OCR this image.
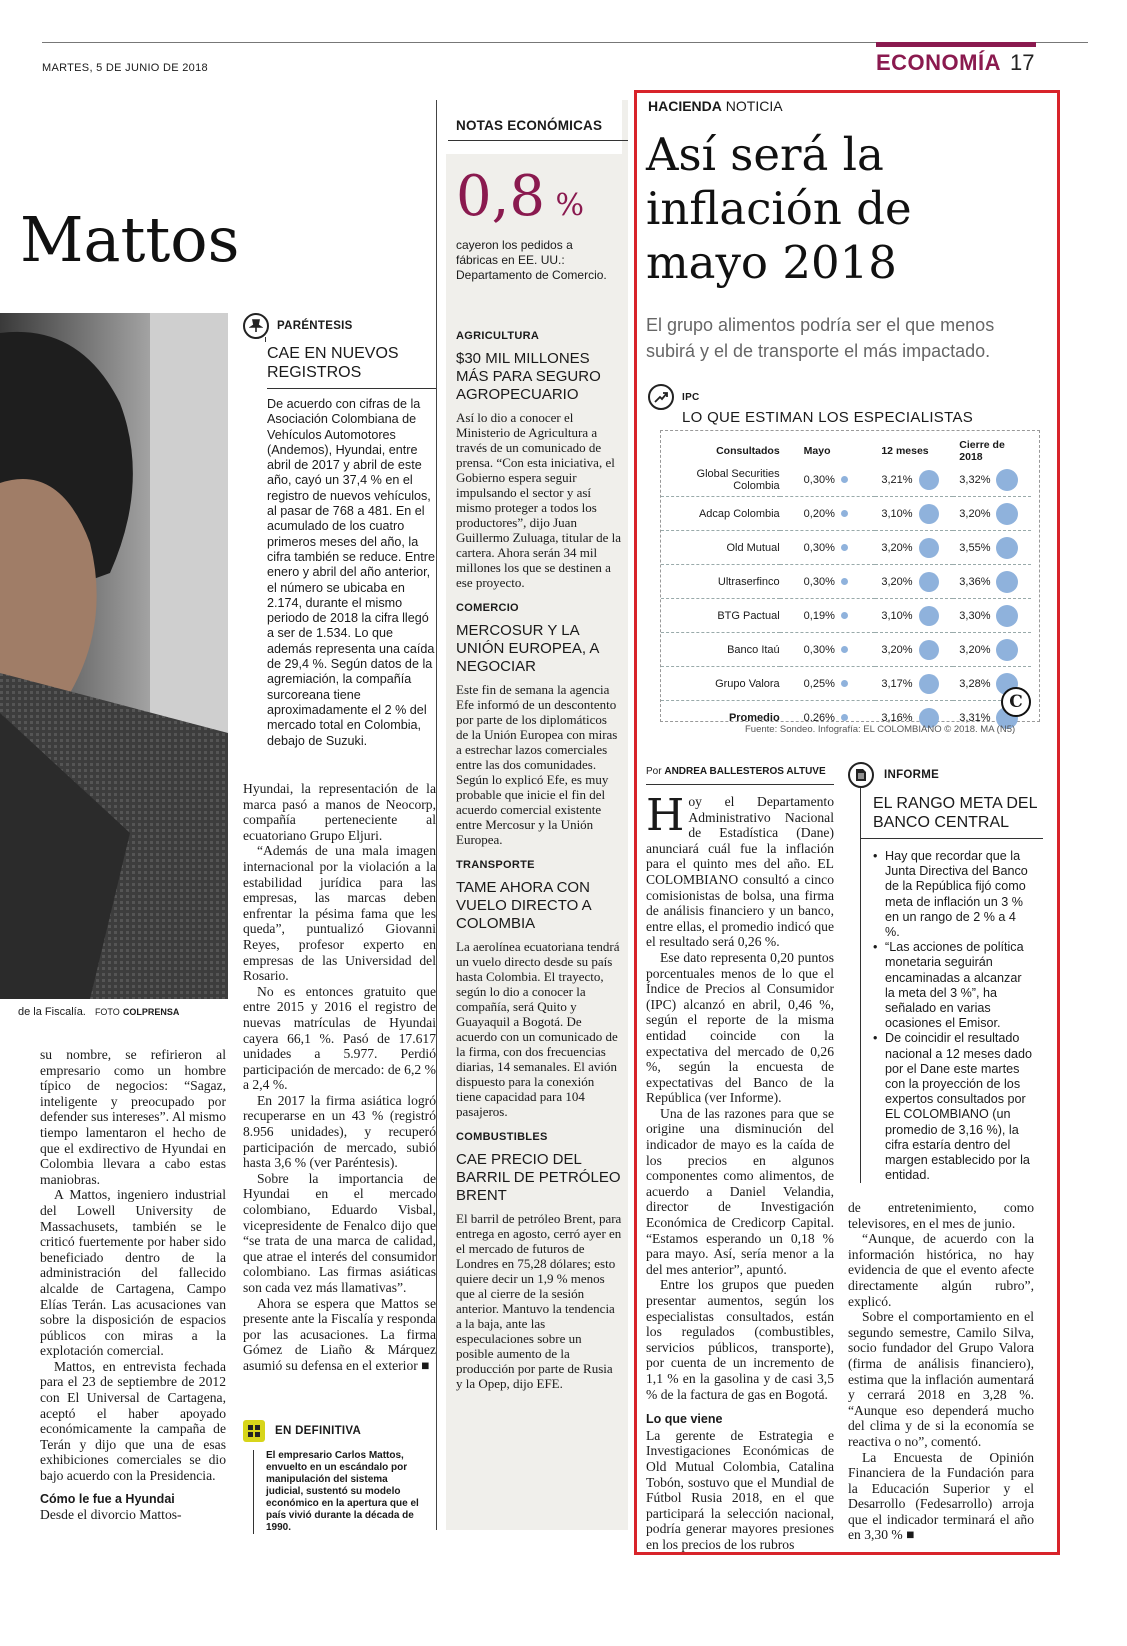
MARTES, 5 DE JUNIO DE 2018	ECONOMÍA 17
Mattos
de la Fiscalía. FOTO COLPRENSA

su nombre, se refirieron al empresario como un hombre típico de negocios: “Sagaz, inteligente y preocupado por defender sus intereses”. Al mismo tiempo lamentaron el hecho de que el exdirectivo de Hyundai en Colombia llevara a cabo estas maniobras.

A Mattos, ingeniero industrial del Lowell University de Massachusets, también se le criticó fuertemente por haber sido beneficiado dentro de la administración del fallecido alcalde de Cartagena, Campo Elías Terán. Las acusaciones van sobre la disposición de espacios públicos con miras a la explotación comercial.

Mattos, en entrevista fechada para el 23 de septiembre de 2012 con El Universal de Cartagena, aceptó el haber apoyado económicamente la campaña de Terán y dijo que una de esas exhibiciones comerciales se dio bajo acuerdo con la Presidencia.

Cómo le fue a Hyundai

Desde el divorcio Mattos-

PARÉNTESIS
CAE EN NUEVOS REGISTROS
De acuerdo con cifras de la Asociación Colombiana de Vehículos Automotores (Andemos), Hyundai, entre abril de 2017 y abril de este año, cayó un 37,4 % en el registro de nuevos vehículos, al pasar de 768 a 481. En el acumulado de los cuatro primeros meses del año, la cifra también se reduce. Entre enero y abril del año anterior, el número se ubicaba en 2.174, durante el mismo periodo de 2018 la cifra llegó a ser de 1.534. Lo que además representa una caída de 29,4 %. Según datos de la agremiación, la compañía surcoreana tiene aproximadamente el 2 % del mercado total en Colombia, debajo de Suzuki.

Hyundai, la representación de la marca pasó a manos de Neocorp, compañía perteneciente al ecuatoriano Grupo Eljuri.

“Además de una mala imagen internacional por la violación a la estabilidad jurídica para las empresas, las marcas deben enfrentar la pésima fama que les queda”, puntualizó Giovanni Reyes, profesor experto en empresas de las Universidad del Rosario.

No es entonces gratuito que entre 2015 y 2016 el registro de nuevas matrículas de Hyundai cayera 66,1 %. Pasó de 17.617 unidades a 5.977. Perdió participación de mercado: de 6,2 % a 2,4 %.

En 2017 la firma asiática logró recuperarse en un 43 % (registró 8.956 unidades), y recuperó participación de mercado, subió hasta 3,6 % (ver Paréntesis).

Sobre la importancia de Hyundai en el mercado colombiano, Eduardo Visbal, vicepresidente de Fenalco dijo que “se trata de una marca de calidad, que atrae el interés del consumidor colombiano. Las firmas asiáticas son cada vez más llamativas”.

Ahora se espera que Mattos se presente ante la Fiscalía y responda por las acusaciones. La firma Gómez de Liaño & Márquez asumió su defensa en el exterior ■

EN DEFINITIVA
El empresario Carlos Mattos, envuelto en un escándalo por manipulación del sistema judicial, sustentó su modelo económico en la apertura que el país vivió durante la década de 1990.
NOTAS ECONÓMICAS
0,8 %
cayeron los pedidos a fábricas en EE. UU.: Departamento de Comercio.
AGRICULTURA
$30 MIL MILLONES MÁS PARA SEGURO AGROPECUARIO
Así lo dio a conocer el Ministerio de Agricultura a través de un comunicado de prensa. “Con esta iniciativa, el Gobierno espera seguir impulsando el sector y así mismo proteger a todos los productores”, dijo Juan Guillermo Zuluaga, titular de la cartera. Ahora serán 34 mil millones los que se destinen a ese proyecto.
COMERCIO
MERCOSUR Y LA UNIÓN EUROPEA, A NEGOCIAR
Este fin de semana la agencia Efe informó de un descontento por parte de los diplomáticos de la Unión Europea con miras a estrechar lazos comerciales entre las dos comunidades. Según lo explicó Efe, es muy probable que inicie el fin del acuerdo comercial existente entre Mercosur y la Unión Europea.
TRANSPORTE
TAME AHORA CON VUELO DIRECTO A COLOMBIA
La aerolínea ecuatoriana tendrá un vuelo directo desde su país hasta Colombia. El trayecto, según lo dio a conocer la compañía, será Quito y Guayaquil a Bogotá. De acuerdo con un comunicado de la firma, con dos frecuencias diarias, 14 semanales. El avión dispuesto para la conexión tiene capacidad para 104 pasajeros.
COMBUSTIBLES
CAE PRECIO DEL BARRIL DE PETRÓLEO BRENT
El barril de petróleo Brent, para entrega en agosto, cerró ayer en el mercado de futuros de Londres en 75,28 dólares; esto quiere decir un 1,9 % menos que al cierre de la sesión anterior. Mantuvo la tendencia a la baja, ante las especulaciones sobre un posible aumento de la producción por parte de Rusia y la Opep, dijo EFE.
HACIENDA NOTICIA
Así será la
inflación de
mayo 2018
El grupo alimentos podría ser el que menos subirá y el de transporte el más impactado.
IPC
LO QUE ESTIMAN LOS ESPECIALISTAS
Consultados	Mayo	12 meses	Cierre de 2018
Global Securities Colombia	0,30%	3,21%	3,32%
Adcap Colombia	0,20%	3,10%	3,20%
Old Mutual	0,30%	3,20%	3,55%
Ultraserfinco	0,30%	3,20%	3,36%
BTG Pactual	0,19%	3,10%	3,30%
Banco Itaú	0,30%	3,20%	3,20%
Grupo Valora	0,25%	3,17%	3,28%
Promedio	0.26%	3,16%	3,31%
C
Fuente: Sondeo. Infografía: EL COLOMBIANO © 2018. MA (N5)
Por ANDREA BALLESTEROS ALTUVE

Hoy el Departamento Administrativo Nacional de Estadística (Dane) anunciará cuál fue la inflación para el quinto mes del año. EL COLOMBIANO consultó a cinco comisionistas de bolsa, una firma de análisis financiero y un banco, entre ellas, el promedio indicó que el resultado será 0,26 %.

Ese dato representa 0,20 puntos porcentuales menos de lo que el Índice de Precios al Consumidor (IPC) alcanzó en abril, 0,46 %, según el reporte de la misma entidad coincide con la expectativa del mercado de 0,26 %, según la encuesta de expectativas del Banco de la República (ver Informe).

Una de las razones para que se origine una disminución del indicador de mayo es la caída de los precios en algunos componentes como alimentos, de acuerdo a Daniel Velandia, director de Investigación Económica de Credicorp Capital. “Estamos esperando un 0,18 % para mayo. Así, sería menor a la del mes anterior”, apuntó.

Entre los grupos que pueden presentar aumentos, según los especialistas consultados, están los regulados (combustibles, servicios públicos, transporte), por cuenta de un incremento de 1,1 % en la gasolina y de casi 3,5 % de la factura de gas en Bogotá.

Lo que viene

La gerente de Estrategia e Investigaciones Económicas de Old Mutual Colombia, Catalina Tobón, sostuvo que el Mundial de Fútbol Rusia 2018, en el que participará la selección nacional, podría generar mayores presiones en los precios de los rubros

INFORME
EL RANGO META DEL BANCO CENTRAL
• Hay que recordar que la Junta Directiva del Banco de la República fijó como meta de inflación un 3 % en un rango de 2 % a 4 %.
• “Las acciones de política monetaria seguirán encaminadas a alcanzar la meta del 3 %”, ha señalado en varias ocasiones el Emisor.
• De coincidir el resultado nacional a 12 meses dado por el Dane este martes con la proyección de los expertos consultados por EL COLOMBIANO (un promedio de 3,16 %), la cifra estaría dentro del margen establecido por la entidad.

de entretenimiento, como televisores, en el mes de junio.

“Aunque, de acuerdo con la información histórica, no hay evidencia de que el evento afecte directamente algún rubro”, explicó.

Sobre el comportamiento en el segundo semestre, Camilo Silva, socio fundador del Grupo Valora (firma de análisis financiero), estima que la inflación aumentará y cerrará 2018 en 3,28 %. “Aunque eso dependerá mucho del clima y de si la economía se reactiva o no”, comentó.

La Encuesta de Opinión Financiera de la Fundación para la Educación Superior y el Desarrollo (Fedesarrollo) arroja que el indicador terminará el año en 3,30 % ■
